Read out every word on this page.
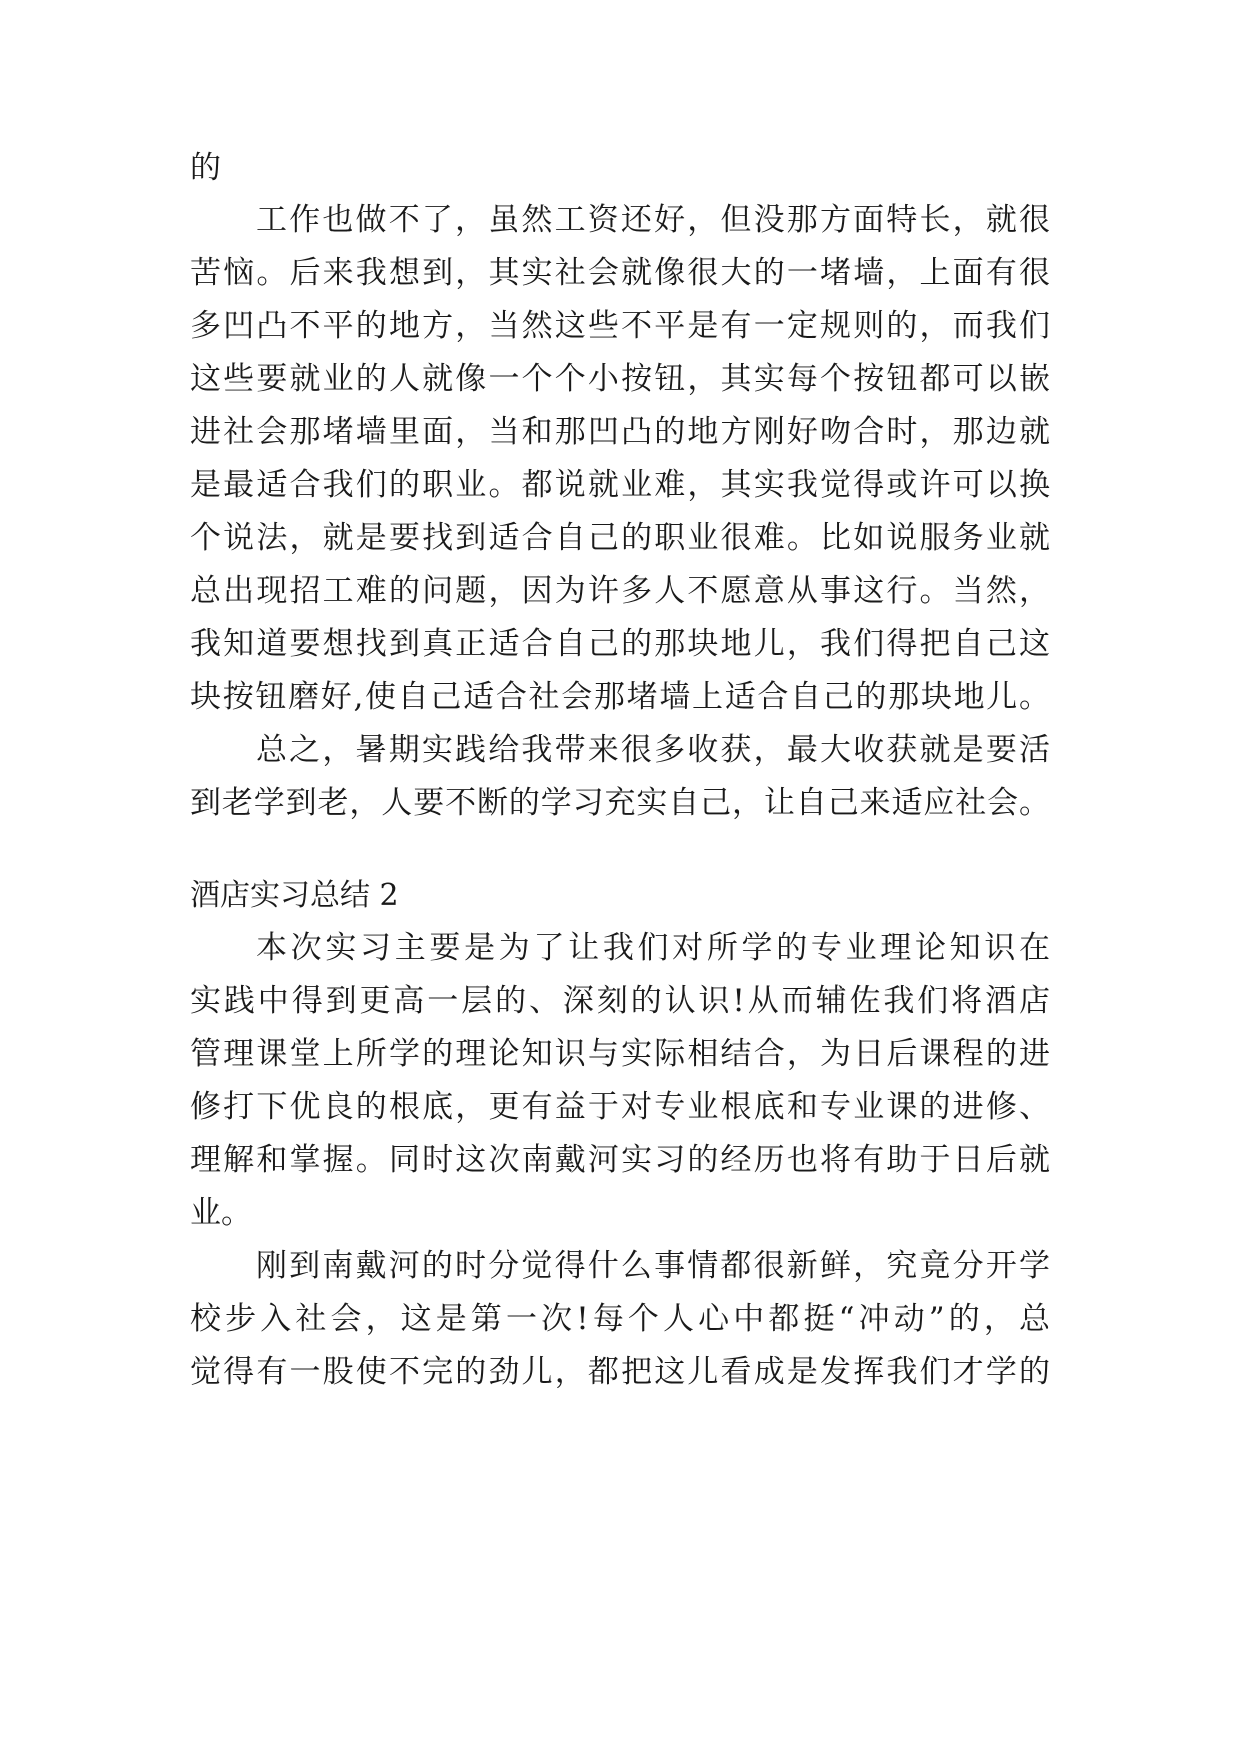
的
工作也做不了，虽然工资还好，但没那方面特长，就很
苦恼。后来我想到，其实社会就像很大的一堵墙，上面有很
多凹凸不平的地方，当然这些不平是有一定规则的，而我们
这些要就业的人就像一个个小按钮，其实每个按钮都可以嵌
进社会那堵墙里面，当和那凹凸的地方刚好吻合时，那边就
是最适合我们的职业。都说就业难，其实我觉得或许可以换
个说法，就是要找到适合自己的职业很难。比如说服务业就
总出现招工难的问题，因为许多人不愿意从事这行。当然，
我知道要想找到真正适合自己的那块地儿，我们得把自己这
块按钮磨好,使自己适合社会那堵墙上适合自己的那块地儿。
总之，暑期实践给我带来很多收获，最大收获就是要活
到老学到老，人要不断的学习充实自己，让自己来适应社会。
酒店实习总结 2
本次实习主要是为了让我们对所学的专业理论知识在
实践中得到更高一层的、深刻的认识!从而辅佐我们将酒店
管理课堂上所学的理论知识与实际相结合，为日后课程的进
修打下优良的根底，更有益于对专业根底和专业课的进修、
理解和掌握。同时这次南戴河实习的经历也将有助于日后就
业。
刚到南戴河的时分觉得什么事情都很新鲜，究竟分开学
校步入社会，这是第一次!每个人心中都挺“冲动”的，总
觉得有一股使不完的劲儿，都把这儿看成是发挥我们才学的
